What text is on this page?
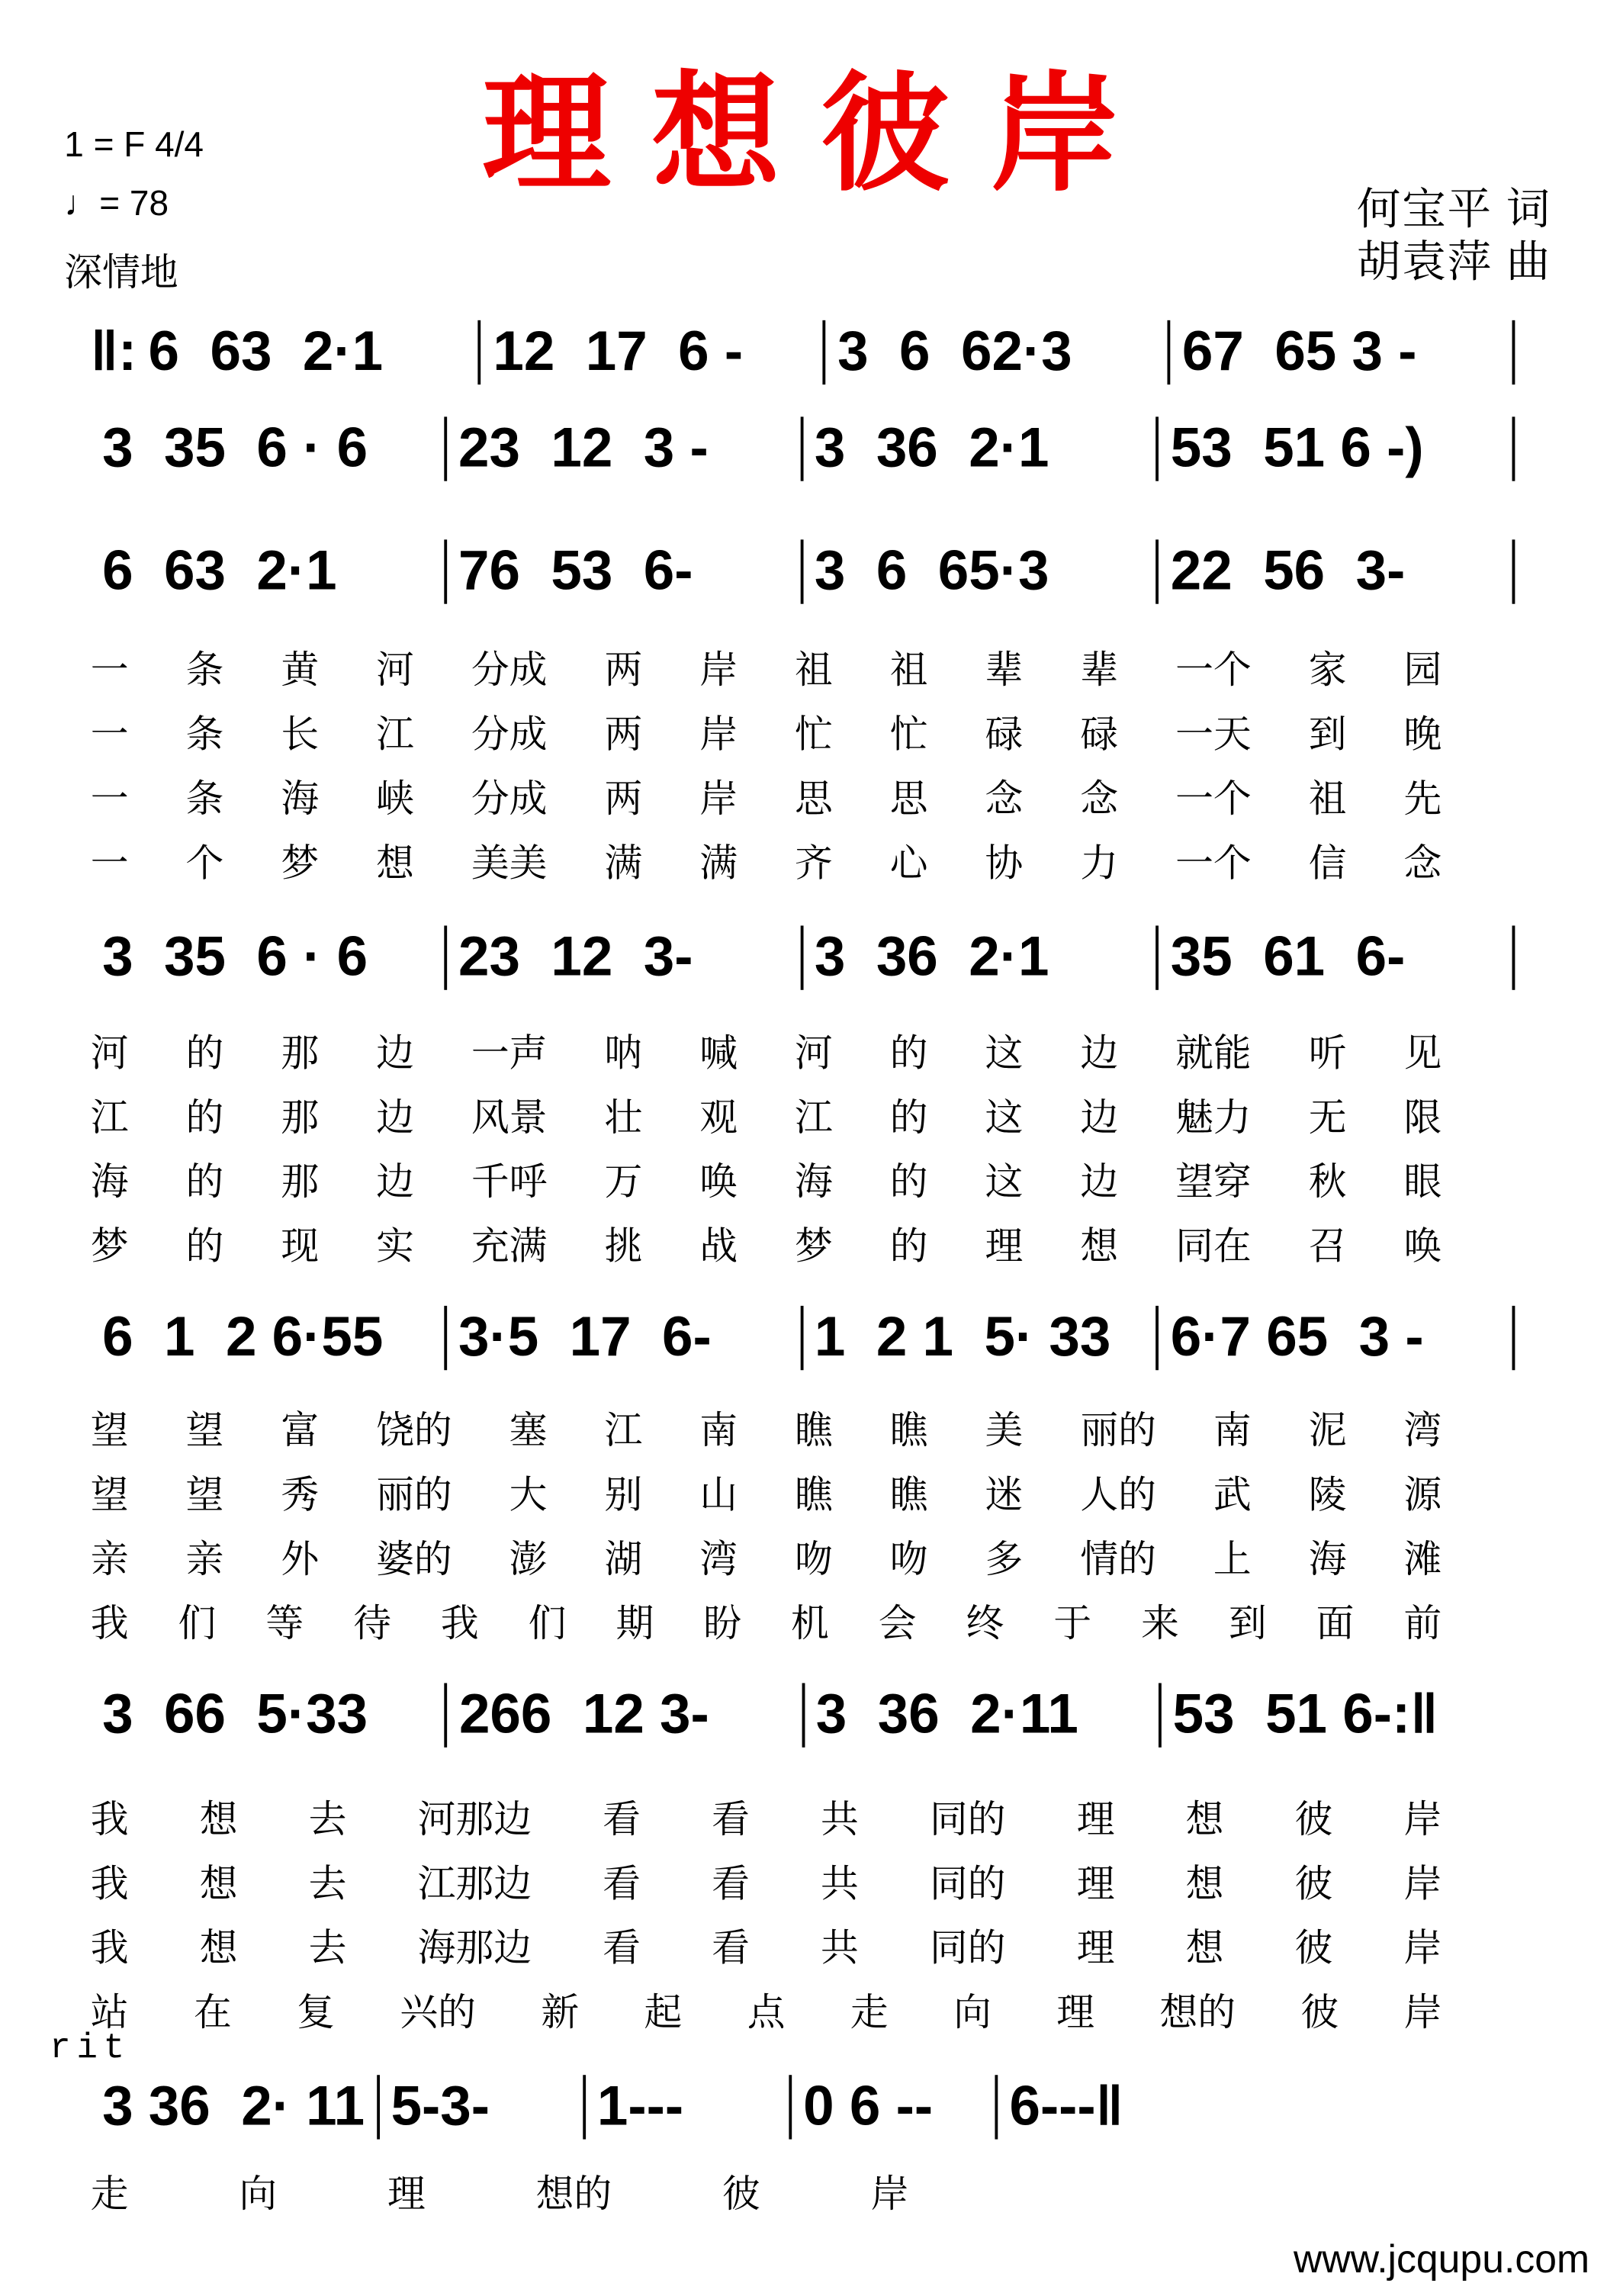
理想彼岸
1 = F 4/4
♩= 78
深情地
何宝平 词
胡袁萍 曲
rit
www.jcqupu.com
‖: 6  63  2·1	12  17  6 -	3  6  62·3	67  65 3 -
3  35  6 · 6	23  12  3 -	3  36  2·1	53  51 6 -)
6  63  2·1	76  53  6-	3  6  65·3	22  56  3-
一	条	黄	河	分成	两	岸	祖	祖	辈	辈	一个	家	园
一	条	长	江	分成	两	岸	忙	忙	碌	碌	一天	到	晚
一	条	海	峡	分成	两	岸	思	思	念	念	一个	祖	先
一	个	梦	想	美美	满	满	齐	心	协	力	一个	信	念
3  35  6 · 6	23  12  3-	3  36  2·1	35  61  6-
河	的	那	边	一声	呐	喊	河	的	这	边	就能	听	见
江	的	那	边	风景	壮	观	江	的	这	边	魅力	无	限
海	的	那	边	千呼	万	唤	海	的	这	边	望穿	秋	眼
梦	的	现	实	充满	挑	战	梦	的	理	想	同在	召	唤
6  1  2 6·55	3·5  17  6-	1  2 1  5· 33	6·7 65  3 -
望	望	富	饶的	塞	江	南	瞧	瞧	美	丽的	南	泥	湾
望	望	秀	丽的	大	别	山	瞧	瞧	迷	人的	武	陵	源
亲	亲	外	婆的	澎	湖	湾	吻	吻	多	情的	上	海	滩
我 们 等 待 我 们 期 盼 机 会 终 于 来 到 面 前
3  66  5·33	266  12 3-	3  36  2·11	53  51 6-:‖
我	想	去	河那边	看	看	共	同的	理	想	彼	岸
我	想	去	江那边	看	看	共	同的	理	想	彼	岸
我	想	去	海那边	看	看	共	同的	理	想	彼	岸
站	在	复	兴的	新	起	点	走	向	理	想的	彼	岸
3 36  2· 11 5-3-	1---	0 6 --	6---‖
走	向	理	想的	彼	岸
